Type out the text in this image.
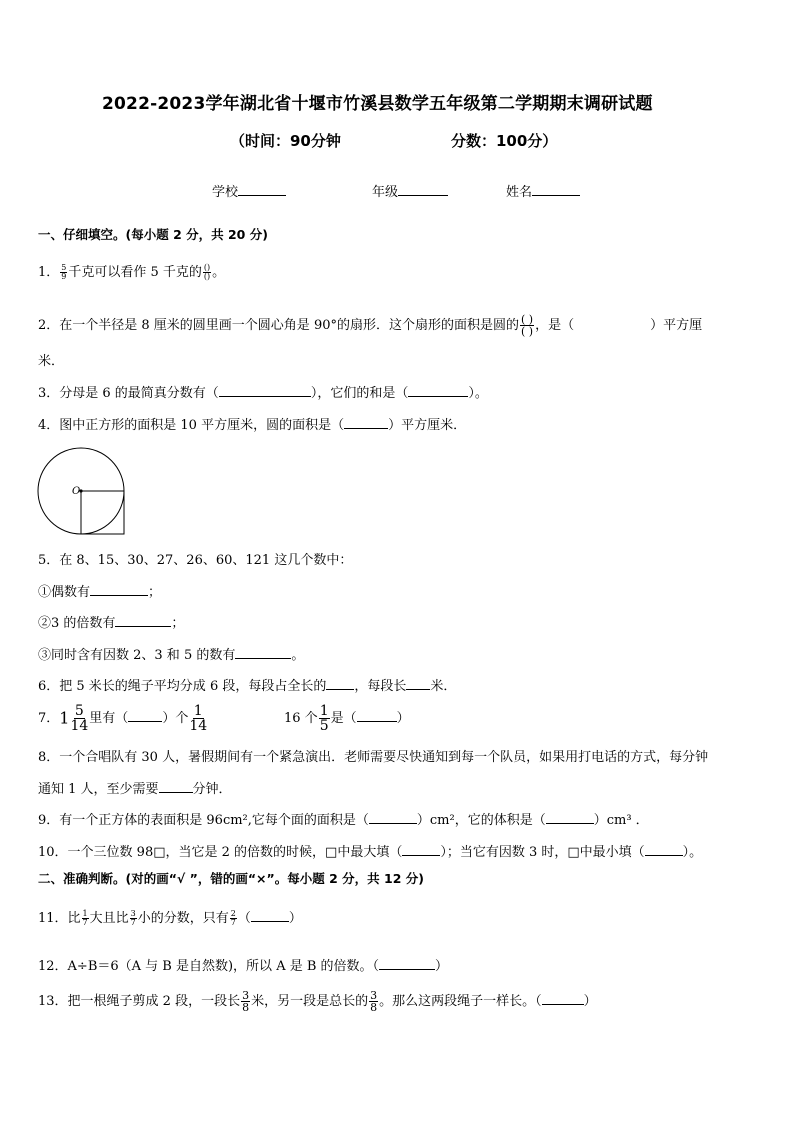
2022-2023学年湖北省十堰市竹溪县数学五年级第二学期期末调研试题
（时间：90分钟	分数：100分）
学校	年级	姓名
一、仔细填空。(每小题 2 分，共 20 分)
1． $\frac{5}{9}$ 千克可以看作 5 千克的 $\frac{()}{()}$ 。
2．在一个半径是 8 厘米的圆里画一个圆心角是 90°的扇形．这个扇形的面积是圆的 $\frac{( )}{( )}$ ，是（	）平方厘
米．
3．分母是 6 的最简真分数有（	），它们的和是（	）。
4．图中正方形的面积是 10 平方厘米，圆的面积是（	）平方厘米．
O
5．在 8、15、30、27、26、60、121 这几个数中：
①偶数有	；
②3 的倍数有	；
③同时含有因数 2、3 和 5 的数有	。
6．把 5 米长的绳子平均分成 6 段，每段占全长的 ，每段长 米．
7．$1 \frac{5}{14}$ 里有（	）个 $\frac{1}{14}$	16 个 $\frac{1}{5}$ 是（	）
8．一个合唱队有 30 人，暑假期间有一个紧急演出．老师需要尽快通知到每一个队员，如果用打电话的方式，每分钟
通知 1 人，至少需要	分钟．
9．有一个正方体的表面积是 96cm²,它每个面的面积是（	）cm²，它的体积是（	）cm³ ．
10．一个三位数 98□，当它是 2 的倍数的时候，□中最大填（	）；当它有因数 3 时，□中最小填（	）。
二、准确判断。(对的画“√ ”，错的画“×”。每小题 2 分，共 12 分)
11．比 $\frac{1}{7}$ 大且比 $\frac{3}{7}$ 小的分数，只有 $\frac{2}{7}$ （	）
12．A÷B＝6（A 与 B 是自然数)，所以 A 是 B 的倍数。（	）
13．把一根绳子剪成 2 段，一段长 $\frac{3}{8}$ 米，另一段是总长的 $\frac{3}{8}$ 。那么这两段绳子一样长。（	）
